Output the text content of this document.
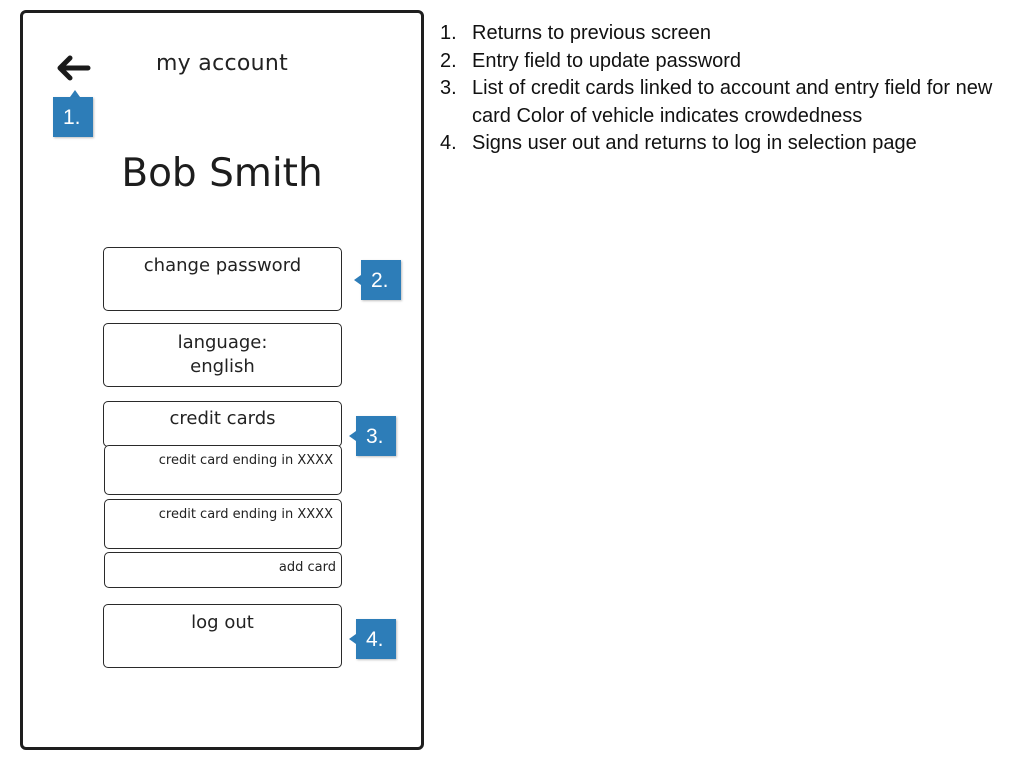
my account
Bob Smith
change password
language:
english
credit cards
credit card ending in XXXX
credit card ending in XXXX
add card
log out
1.
2.
3.
4.
1. Returns to previous screen
2. Entry field to update password
3. List of credit cards linked to account and entry field for new card Color of vehicle indicates crowdedness
4. Signs user out and returns to log in selection page
